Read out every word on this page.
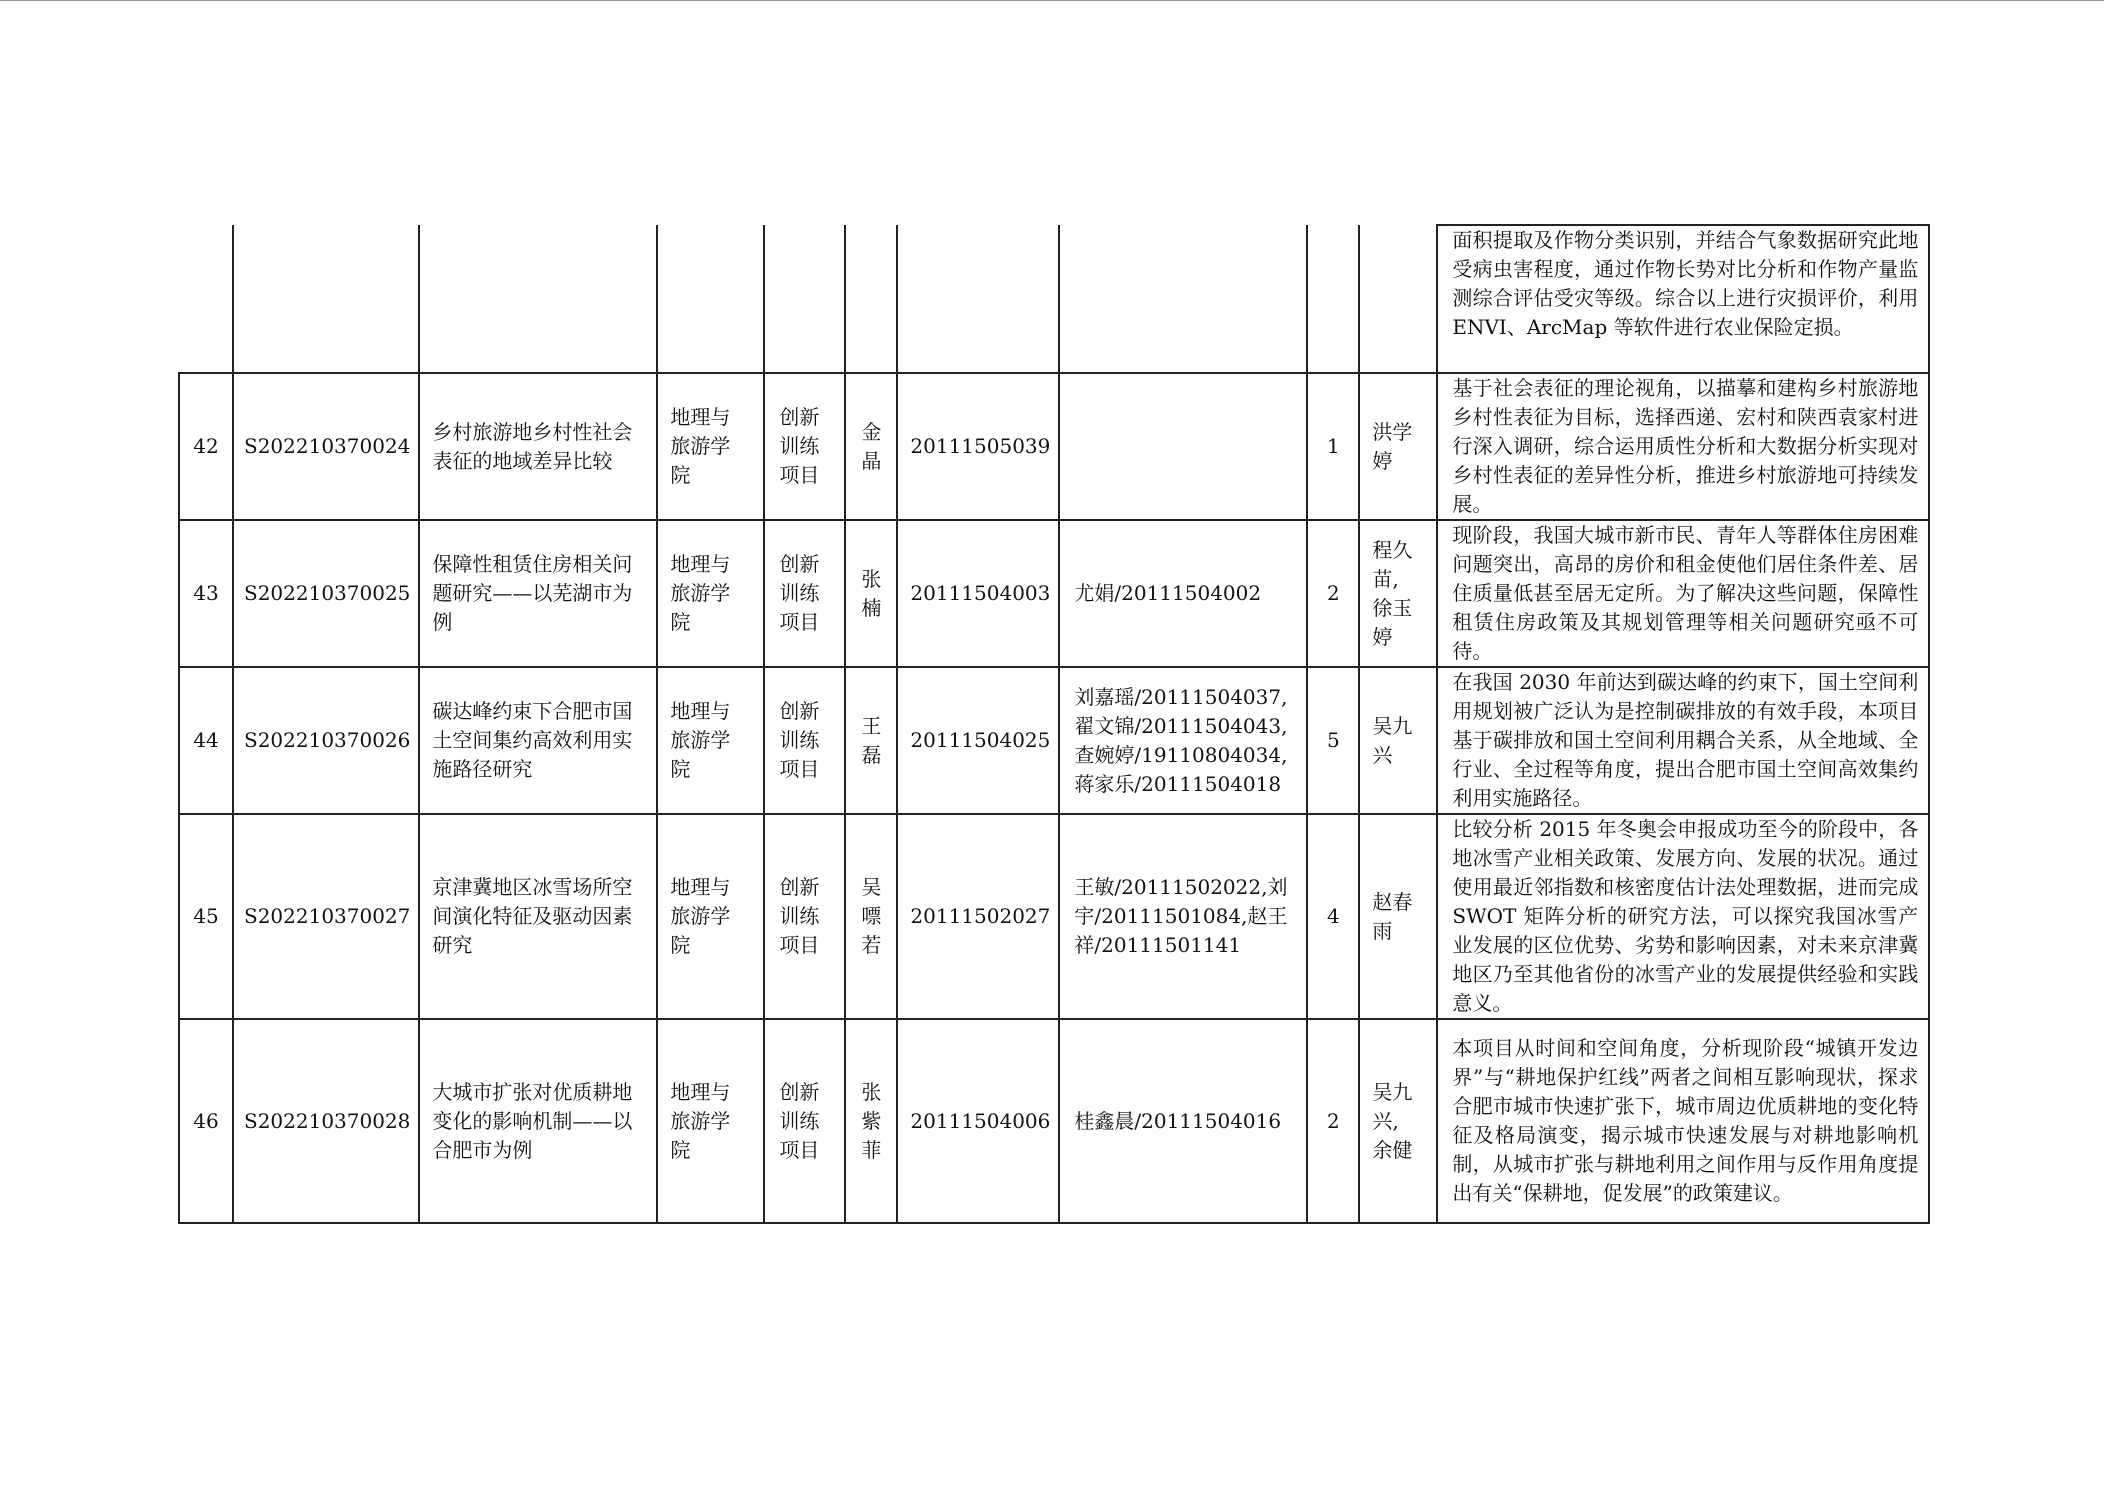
										面积提取及作物分类识别，并结合气象数据研究此地受病虫害程度，通过作物长势对比分析和作物产量监测综合评估受灾等级。综合以上进行灾损评价，利用 ENVI、ArcMap 等软件进行农业保险定损。
42	S202210370024	乡村旅游地乡村性社会表征的地域差异比较	地理与
旅游学
院	创新
训练
项目	金
晶	20111505039		1	洪学
婷	基于社会表征的理论视角，以描摹和建构乡村旅游地乡村性表征为目标，选择西递、宏村和陕西袁家村进行深入调研，综合运用质性分析和大数据分析实现对乡村性表征的差异性分析，推进乡村旅游地可持续发展。
43	S202210370025	保障性租赁住房相关问题研究——以芜湖市为例	地理与
旅游学
院	创新
训练
项目	张
楠	20111504003	尤娟/20111504002	2	程久
苗,
徐玉
婷	现阶段，我国大城市新市民、青年人等群体住房困难问题突出，高昂的房价和租金使他们居住条件差、居住质量低甚至居无定所。为了解决这些问题，保障性租赁住房政策及其规划管理等相关问题研究亟不可待。
44	S202210370026	碳达峰约束下合肥市国土空间集约高效利用实施路径研究	地理与
旅游学
院	创新
训练
项目	王
磊	20111504025	刘嘉瑶/20111504037,
翟文锦/20111504043,
查婉婷/19110804034,
蒋家乐/20111504018	5	吴九
兴	在我国 2030 年前达到碳达峰的约束下，国土空间利用规划被广泛认为是控制碳排放的有效手段，本项目基于碳排放和国土空间利用耦合关系，从全地域、全行业、全过程等角度，提出合肥市国土空间高效集约利用实施路径。
45	S202210370027	京津冀地区冰雪场所空间演化特征及驱动因素研究	地理与
旅游学
院	创新
训练
项目	吴
嘌
若	20111502027	王敏/20111502022,刘宇/20111501084,赵王祥/20111501141	4	赵春
雨	比较分析 2015 年冬奥会申报成功至今的阶段中，各地冰雪产业相关政策、发展方向、发展的状况。通过使用最近邻指数和核密度估计法处理数据，进而完成 SWOT 矩阵分析的研究方法，可以探究我国冰雪产业发展的区位优势、劣势和影响因素，对未来京津冀地区乃至其他省份的冰雪产业的发展提供经验和实践意义。
46	S202210370028	大城市扩张对优质耕地变化的影响机制——以合肥市为例	地理与
旅游学
院	创新
训练
项目	张
紫
菲	20111504006	桂鑫晨/20111504016	2	吴九
兴,
余健	本项目从时间和空间角度，分析现阶段“城镇开发边界”与“耕地保护红线”两者之间相互影响现状，探求合肥市城市快速扩张下，城市周边优质耕地的变化特征及格局演变，揭示城市快速发展与对耕地影响机制，从城市扩张与耕地利用之间作用与反作用角度提出有关“保耕地，促发展”的政策建议。
